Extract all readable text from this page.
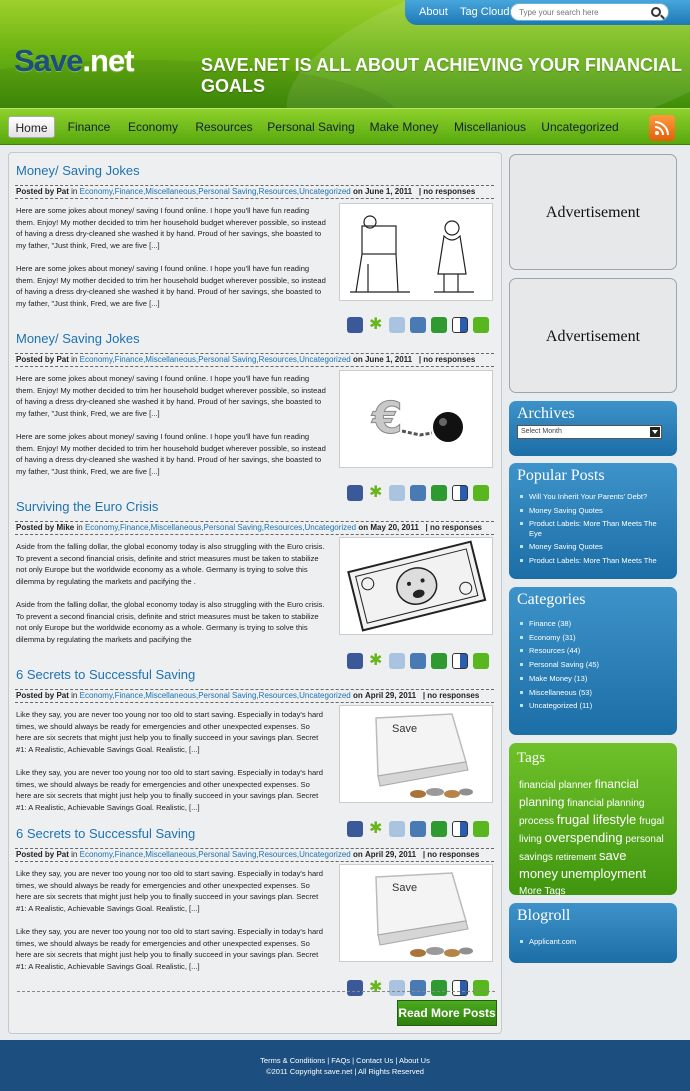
About Tag Cloud
Type your search here
Save.net	SAVE.NET IS ALL ABOUT ACHIEVING YOUR FINANCIAL GOALS
Home	Finance	Economy	Resources Personal Saving	Make Money	Miscellanious Uncategorized
Money/ Saving Jokes
Posted by Pat in Economy,Finance,Miscellaneous,Personal Saving,Resources,Uncategorized on June 1, 2011 | no responses
Here are some jokes about money/ saving I found online. I hope you'll have fun reading them. Enjoy! My mother decided to trim her household budget wherever possible, so instead of having a dress dry-cleaned she washed it by hand. Proud of her savings, she boasted to my father, "Just think, Fred, we are five [...]
Here are some jokes about money/ saving I found online. I hope you'll have fun reading them. Enjoy! My mother decided to trim her household budget wherever possible, so instead of having a dress dry-cleaned she washed it by hand. Proud of her savings, she boasted to my father, "Just think, Fred, we are five [...]
✱
Money/ Saving Jokes
Posted by Pat in Economy,Finance,Miscellaneous,Personal Saving,Resources,Uncategorized on June 1, 2011 | no responses
Here are some jokes about money/ saving I found online. I hope you'll have fun reading them. Enjoy! My mother decided to trim her household budget wherever possible, so instead of having a dress dry-cleaned she washed it by hand. Proud of her savings, she boasted to my father, "Just think, Fred, we are five [...]
Here are some jokes about money/ saving I found online. I hope you'll have fun reading them. Enjoy! My mother decided to trim her household budget wherever possible, so instead of having a dress dry-cleaned she washed it by hand. Proud of her savings, she boasted to my father, "Just think, Fred, we are five [...]
€
✱
Surviving the Euro Crisis
Posted by Mike in Economy,Finance,Miscellaneous,Personal Saving,Resources,Uncategorized on May 20, 2011 | no responses
Aside from the falling dollar, the global economy today is also struggling with the Euro crisis. To prevent a second financial crisis, definite and strict measures must be taken to stabilize not only Europe but the worldwide economy as a whole. Germany is trying to solve this dilemma by regulating the markets and pacifying the .
Aside from the falling dollar, the global economy today is also struggling with the Euro crisis. To prevent a second financial crisis, definite and strict measures must be taken to stabilize not only Europe but the worldwide economy as a whole. Germany is trying to solve this dilemma by regulating the markets and pacifying the
✱
6 Secrets to Successful Saving
Posted by Pat in Economy,Finance,Miscellaneous,Personal Saving,Resources,Uncategorized on April 29, 2011 | no responses
Like they say, you are never too young nor too old to start saving. Especially in today's hard times, we should always be ready for emergencies and other unexpected expenses. So here are six secrets that might just help you to finally succeed in your savings plan. Secret #1: A Realistic, Achievable Savings Goal. Realistic, [...]
Like they say, you are never too young nor too old to start saving. Especially in today's hard times, we should always be ready for emergencies and other unexpected expenses. So here are six secrets that might just help you to finally succeed in your savings plan. Secret #1: A Realistic, Achievable Savings Goal. Realistic, [...]
Save
✱
6 Secrets to Successful Saving
Posted by Pat in Economy,Finance,Miscellaneous,Personal Saving,Resources,Uncategorized on April 29, 2011 | no responses
Like they say, you are never too young nor too old to start saving. Especially in today's hard times, we should always be ready for emergencies and other unexpected expenses. So here are six secrets that might just help you to finally succeed in your savings plan. Secret #1: A Realistic, Achievable Savings Goal. Realistic, [...]
Like they say, you are never too young nor too old to start saving. Especially in today's hard times, we should always be ready for emergencies and other unexpected expenses. So here are six secrets that might just help you to finally succeed in your savings plan. Secret #1: A Realistic, Achievable Savings Goal. Realistic, [...]
Save
✱
Read More Posts
Advertisement
Advertisement
Archives
Select Month
Popular Posts
Will You Inherit Your Parents' Debt?
Money Saving Quotes
Product Labels: More Than Meets The Eye
Money Saving Quotes
Product Labels: More Than Meets The
Categories
Finance (38)
Economy (31)
Resources (44)
Personal Saving (45)
Make Money (13)
Miscellaneous (53)
Uncategorized (11)
Tags
financial planner financial planning financial planning process frugal lifestyle frugal living overspending personal savings retirement save money unemployment More Tags
Blogroll
Applicant.com
Terms & Conditions | FAQs | Contact Us | About Us
©2011 Copyright save.net | All Rights Reserved
